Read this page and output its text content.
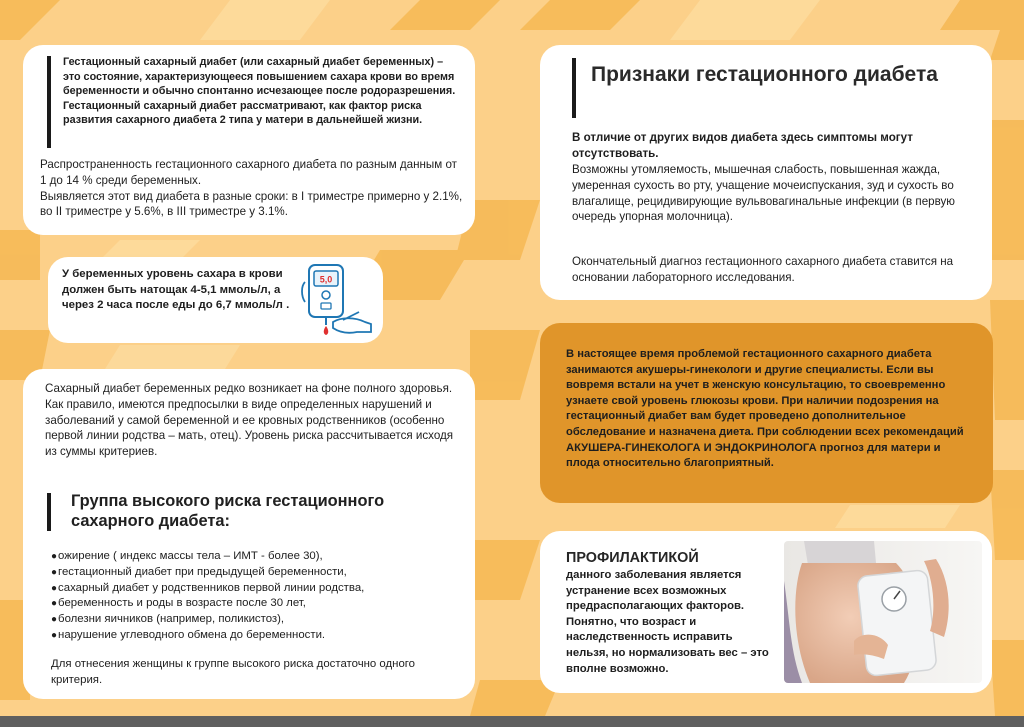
Гестационный сахарный диабет (или сахарный диабет беременных) – это состояние, характеризующееся повышением сахара крови во время беременности и обычно спонтанно исчезающее после родоразрешения. Гестационный сахарный диабет рассматривают, как фактор риска развития сахарного диабета 2 типа у матери в дальнейшей жизни.

Распространенность гестационного сахарного диабета по разным данным от 1 до 14 % среди беременных.

Выявляется этот вид диабета в разные сроки: в I триместре примерно у 2.1%, во II триместре у 5.6%, в III триместре у 3.1%.

У беременных уровень сахара в крови должен быть натощак 4-5,1 ммоль/л, а через 2 часа после еды до 6,7 ммоль/л .
5,0
Сахарный диабет беременных редко возникает на фоне полного здоровья. Как правило, имеются предпосылки в виде определенных нарушений и заболеваний у самой беременной и ее кровных родственников (особенно первой линии родства – мать, отец). Уровень риска рассчитывается исходя из суммы критериев.
Группа высокого риска гестационного сахарного диабета:
●ожирение ( индекс массы тела – ИМТ - более 30),
●гестационный диабет при предыдущей беременности,
●сахарный диабет у родственников первой линии родства,
●беременность и роды в возрасте после 30 лет,
●болезни яичников (например, поликистоз),
●нарушение углеводного обмена до беременности.
Для отнесения женщины к группе высокого риска достаточно одного критерия.
Признаки гестационного диабета
В отличие от других видов диабета здесь симптомы могут отсутствовать.
Возможны утомляемость, мышечная слабость, повышенная жажда, умеренная сухость во рту, учащение мочеиспускания, зуд и сухость во влагалище, рецидивирующие вульвовагинальные инфекции (в первую очередь упорная молочница).
Окончательный диагноз гестационного сахарного диабета ставится на основании лабораторного исследования.
В настоящее время проблемой гестационного сахарного диабета занимаются акушеры-гинекологи и другие специалисты. Если вы вовремя встали на учет в женскую консультацию, то своевременно узнаете свой уровень глюкозы крови. При наличии подозрения на гестационный диабет вам будет проведено дополнительное обследование и назначена диета. При соблюдении всех рекомендаций АКУШЕРА-ГИНЕКОЛОГА И ЭНДОКРИНОЛОГА прогноз для матери и плода относительно благоприятный.
ПРОФИЛАКТИКОЙ
данного заболевания является устранение всех возможных предрасполагающих факторов. Понятно, что возраст и наследственность исправить нельзя, но нормализовать вес – это вполне возможно.
